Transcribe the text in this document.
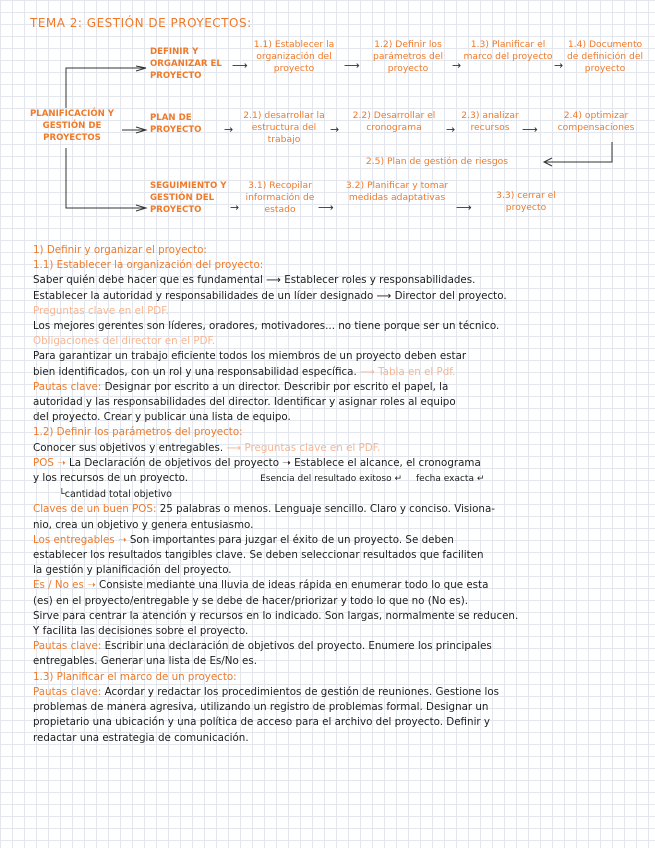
TEMA 2: GESTIÓN DE PROYECTOS:
PLANIFICACIÓN Y GESTIÓN DE PROYECTOS
DEFINIR Y ORGANIZAR EL PROYECTO
⟶
1.1) Establecer la organización del proyecto	⟶
1.2) Definir los parámetros del proyecto	→
1.3) Planificar el marco del proyecto
→
1.4) Documento de definición del proyecto
PLAN DE PROYECTO	→
2.1) desarrollar la estructura del trabajo
→
2.2) Desarrollar el cronograma	→
2.3) analizar recursos	⟶
2.4) optimizar compensaciones
2.5) Plan de gestión de riesgos
SEGUIMIENTO Y GESTIÓN DEL PROYECTO	→
3.1) Recopilar información de estado	⟶
3.2) Planificar y tomar medidas adaptativas
⟶
3.3) cerrar el proyecto

1) Definir y organizar el proyecto:

1.1) Establecer la organización del proyecto:

Saber quién debe hacer que es fundamental ⟶ Establecer roles y responsabilidades.

Establecer la autoridad y responsabilidades de un líder designado ⟶ Director del proyecto.

Preguntas clave en el PDF.

Los mejores gerentes son líderes, oradores, motivadores... no tiene porque ser un técnico.

Obligaciones del director en el PDF.

Para garantizar un trabajo eficiente todos los miembros de un proyecto deben estar

bien identificados, con un rol y una responsabilidad específica. ⟶ Tabla en el Pdf.

Pautas clave: Designar por escrito a un director. Describir por escrito el papel, la

autoridad y las responsabilidades del director. Identificar y asignar roles al equipo

del proyecto. Crear y publicar una lista de equipo.

1.2) Definir los parámetros del proyecto:

Conocer sus objetivos y entregables. ⟶ Preguntas clave en el PDF.

POS ➝ La Declaración de objetivos del proyecto ➝ Establece el alcance, el cronograma

y los recursos de un proyecto.	Esencia del resultado exitoso ↵ fecha exacta ↵

└cantidad total objetivo

Claves de un buen POS: 25 palabras o menos. Lenguaje sencillo. Claro y conciso. Visiona-

nio, crea un objetivo y genera entusiasmo.

Los entregables ➝ Son importantes para juzgar el éxito de un proyecto. Se deben

establecer los resultados tangibles clave. Se deben seleccionar resultados que faciliten

la gestión y planificación del proyecto.

Es / No es ➝ Consiste mediante una lluvia de ideas rápida en enumerar todo lo que esta

(es) en el proyecto/entregable y se debe de hacer/priorizar y todo lo que no (No es).

Sirve para centrar la atención y recursos en lo indicado. Son largas, normalmente se reducen.

Y facilita las decisiones sobre el proyecto.

Pautas clave: Escribir una declaración de objetivos del proyecto. Enumere los principales

entregables. Generar una lista de Es/No es.

1.3) Planificar el marco de un proyecto:

Pautas clave: Acordar y redactar los procedimientos de gestión de reuniones. Gestione los

problemas de manera agresiva, utilizando un registro de problemas formal. Designar un

propietario una ubicación y una política de acceso para el archivo del proyecto. Definir y

redactar una estrategia de comunicación.
